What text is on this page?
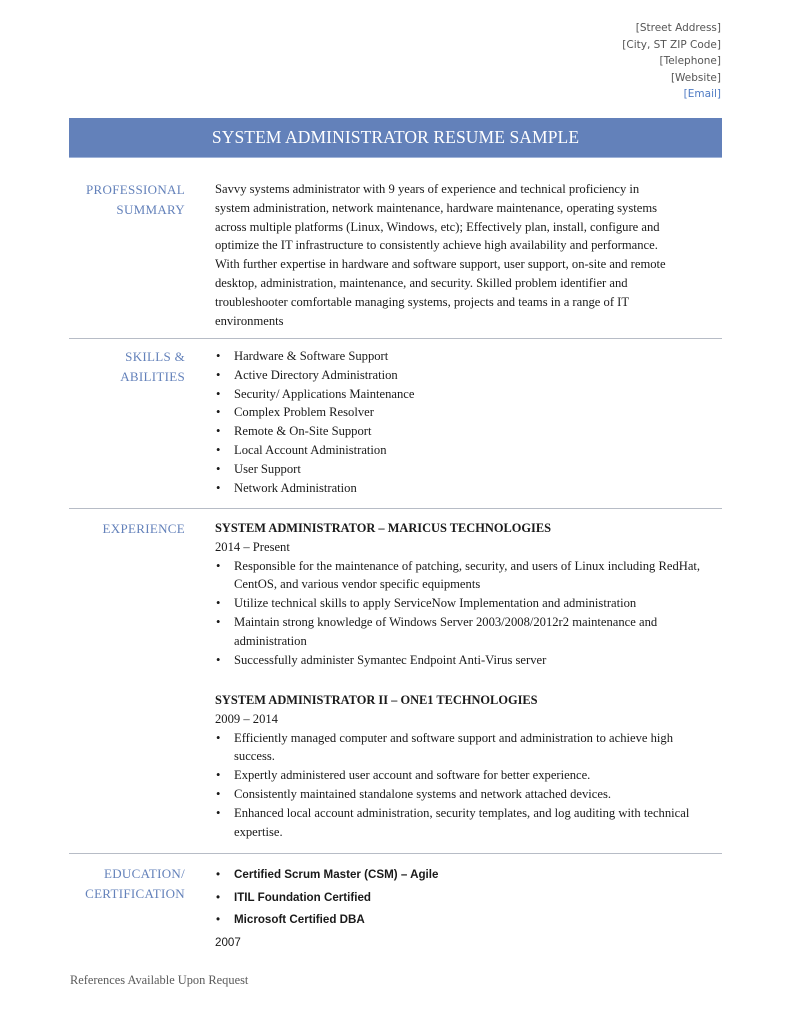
[Street Address]
[City, ST ZIP Code]
[Telephone]
[Website]
[Email]
SYSTEM ADMINISTRATOR RESUME SAMPLE
PROFESSIONAL
SUMMARY
Savvy systems administrator with 9 years of experience and technical proficiency in system administration, network maintenance, hardware maintenance, operating systems across multiple platforms (Linux, Windows, etc); Effectively plan, install, configure and optimize the IT infrastructure to consistently achieve high availability and performance. With further expertise in hardware and software support, user support, on-site and remote desktop, administration, maintenance, and security. Skilled problem identifier and troubleshooter comfortable managing systems, projects and teams in a range of IT environments
SKILLS &
ABILITIES
• Hardware & Software Support
• Active Directory Administration
• Security/ Applications Maintenance
• Complex Problem Resolver
• Remote & On-Site Support
• Local Account Administration
• User Support
• Network Administration
EXPERIENCE SYSTEM ADMINISTRATOR – MARICUS TECHNOLOGIES
2014 – Present
• Responsible for the maintenance of patching, security, and users of Linux including RedHat, CentOS, and various vendor specific equipments
• Utilize technical skills to apply ServiceNow Implementation and administration
• Maintain strong knowledge of Windows Server 2003/2008/2012r2 maintenance and administration
• Successfully administer Symantec Endpoint Anti-Virus server
SYSTEM ADMINISTRATOR II – ONE1 TECHNOLOGIES
2009 – 2014
• Efficiently managed computer and software support and administration to achieve high success.
• Expertly administered user account and software for better experience.
• Consistently maintained standalone systems and network attached devices.
• Enhanced local account administration, security templates, and log auditing with technical expertise.
EDUCATION/
CERTIFICATION
• Certified Scrum Master (CSM) – Agile
• ITIL Foundation Certified
• Microsoft Certified DBA
2007
References Available Upon Request
